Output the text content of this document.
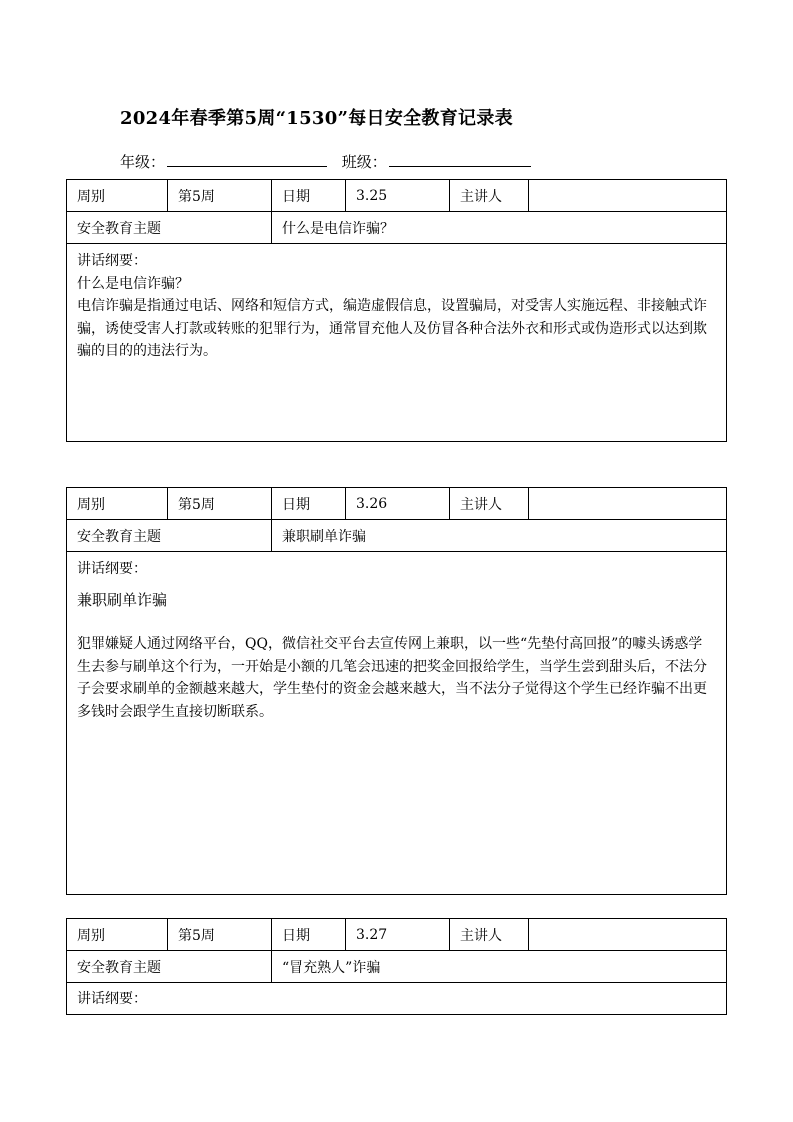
2024年春季第5周“1530”每日安全教育记录表
年级：	班级：
周别	第5周	日期	3.25	主讲人
安全教育主题	什么是电信诈骗？

讲话纲要：

什么是电信诈骗？

电信诈骗是指通过电话、网络和短信方式，编造虚假信息，设置骗局，对受害人实施远程、非接触式诈骗，诱使受害人打款或转账的犯罪行为，通常冒充他人及仿冒各种合法外衣和形式或伪造形式以达到欺骗的目的的违法行为。

周别	第5周	日期	3.26	主讲人
安全教育主题	兼职刷单诈骗

讲话纲要：

兼职刷单诈骗

犯罪嫌疑人通过网络平台，QQ，微信社交平台去宣传网上兼职，以一些“先垫付高回报”的噱头诱惑学生去参与刷单这个行为，一开始是小额的几笔会迅速的把奖金回报给学生，当学生尝到甜头后，不法分子会要求刷单的金额越来越大，学生垫付的资金会越来越大，当不法分子觉得这个学生已经诈骗不出更多钱时会跟学生直接切断联系。

周别	第5周	日期	3.27	主讲人
安全教育主题	“冒充熟人”诈骗

讲话纲要：
